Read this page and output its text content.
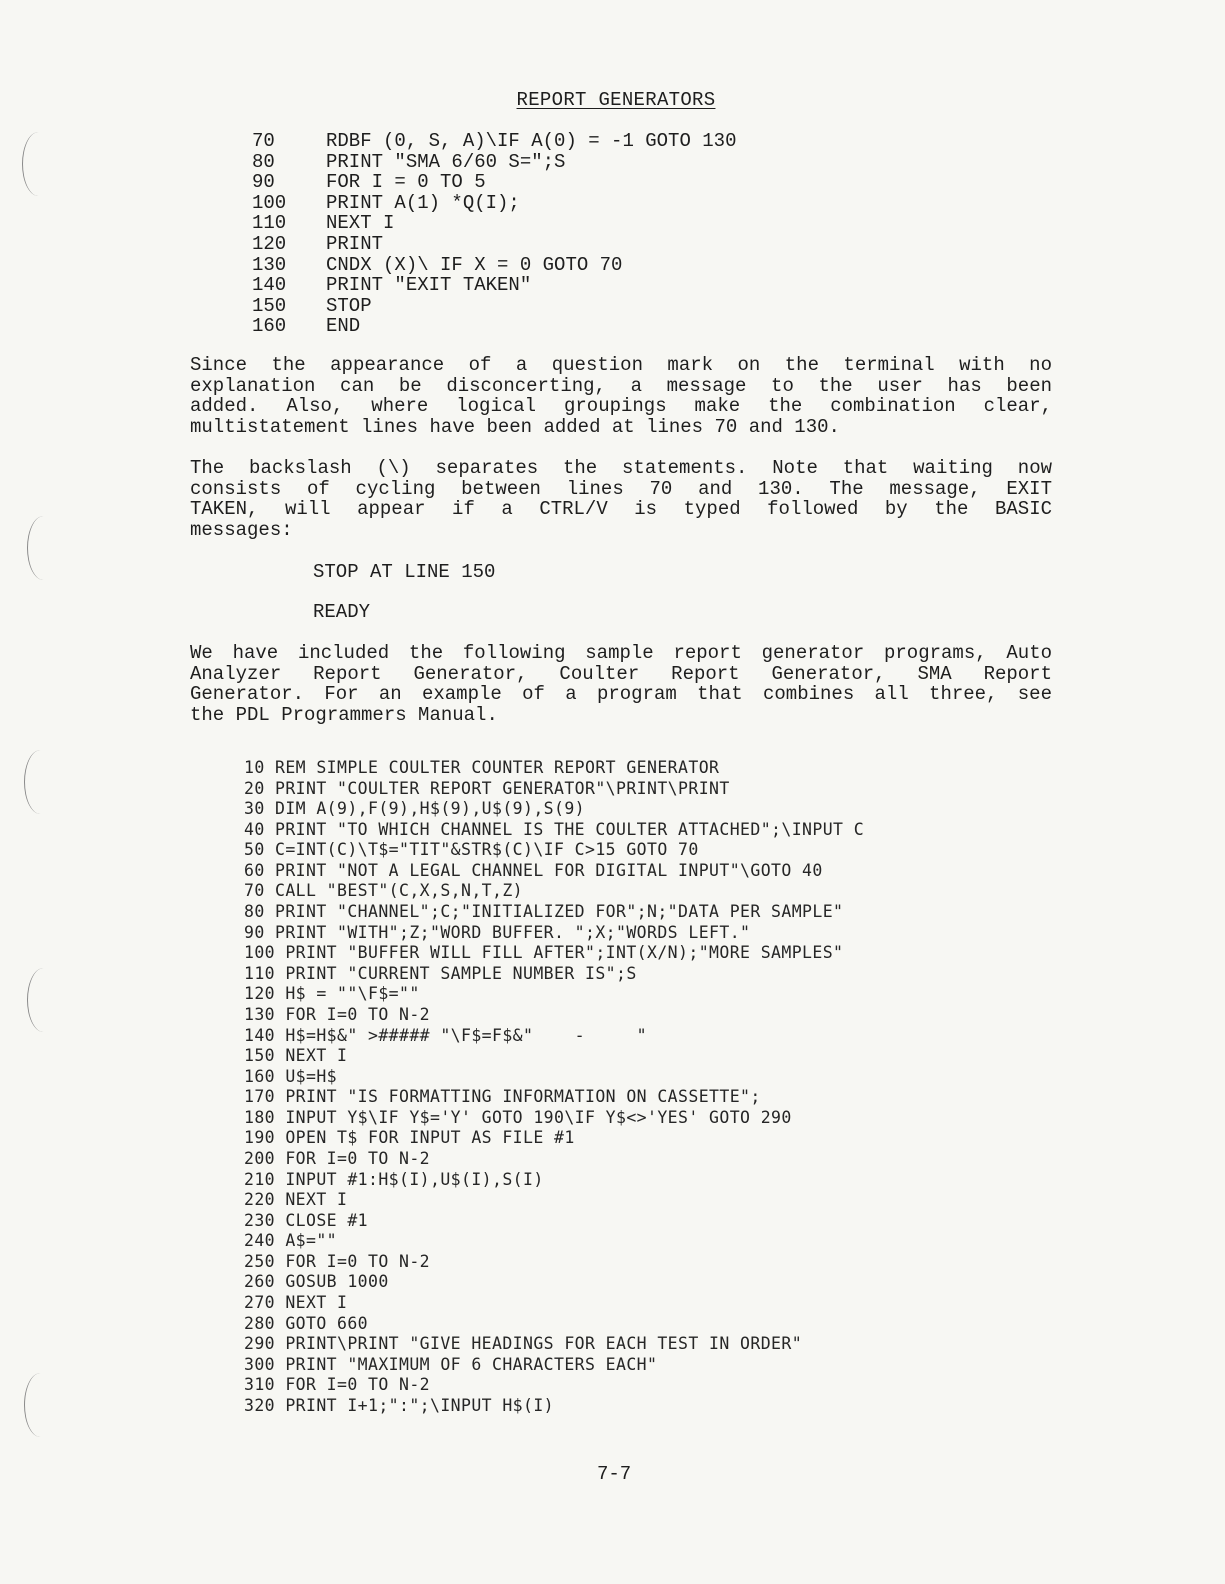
REPORT GENERATORS
70	RDBF (0, S, A)\IF A(0) = -1 GOTO 130
80	PRINT "SMA 6/60 S=";S
90	FOR I = 0 TO 5
100	PRINT A(1) *Q(I);
110	NEXT I
120	PRINT
130	CNDX (X)\ IF X = 0 GOTO 70
140	PRINT "EXIT TAKEN"
150	STOP
160	END
Since the appearance of a question mark on the terminal with no
explanation can be disconcerting, a message to the user has been
added. Also, where logical groupings make the combination clear,
multistatement lines have been added at lines 70 and 130.
The backslash (\) separates the statements. Note that waiting now
consists of cycling between lines 70 and 130. The message, EXIT
TAKEN, will appear if a CTRL/V is typed followed by the BASIC
messages:
STOP AT LINE 150
READY
We have included the following sample report generator programs, Auto
Analyzer Report Generator, Coulter Report Generator, SMA Report
Generator. For an example of a program that combines all three, see
the PDL Programmers Manual.
10 REM SIMPLE COULTER COUNTER REPORT GENERATOR
20 PRINT "COULTER REPORT GENERATOR"\PRINT\PRINT
30 DIM A(9),F(9),H$(9),U$(9),S(9)
40 PRINT "TO WHICH CHANNEL IS THE COULTER ATTACHED";\INPUT C
50 C=INT(C)\T$="TIT"&STR$(C)\IF C>15 GOTO 70
60 PRINT "NOT A LEGAL CHANNEL FOR DIGITAL INPUT"\GOTO 40
70 CALL "BEST"(C,X,S,N,T,Z)
80 PRINT "CHANNEL";C;"INITIALIZED FOR";N;"DATA PER SAMPLE"
90 PRINT "WITH";Z;"WORD BUFFER. ";X;"WORDS LEFT."
100 PRINT "BUFFER WILL FILL AFTER";INT(X/N);"MORE SAMPLES"
110 PRINT "CURRENT SAMPLE NUMBER IS";S
120 H$ = ""\F$=""
130 FOR I=0 TO N-2
140 H$=H$&" >##### "\F$=F$&"    -     "
150 NEXT I
160 U$=H$
170 PRINT "IS FORMATTING INFORMATION ON CASSETTE";
180 INPUT Y$\IF Y$='Y' GOTO 190\IF Y$<>'YES' GOTO 290
190 OPEN T$ FOR INPUT AS FILE #1
200 FOR I=0 TO N-2
210 INPUT #1:H$(I),U$(I),S(I)
220 NEXT I
230 CLOSE #1
240 A$=""
250 FOR I=0 TO N-2
260 GOSUB 1000
270 NEXT I
280 GOTO 660
290 PRINT\PRINT "GIVE HEADINGS FOR EACH TEST IN ORDER"
300 PRINT "MAXIMUM OF 6 CHARACTERS EACH"
310 FOR I=0 TO N-2
320 PRINT I+1;":";\INPUT H$(I)
7-7
